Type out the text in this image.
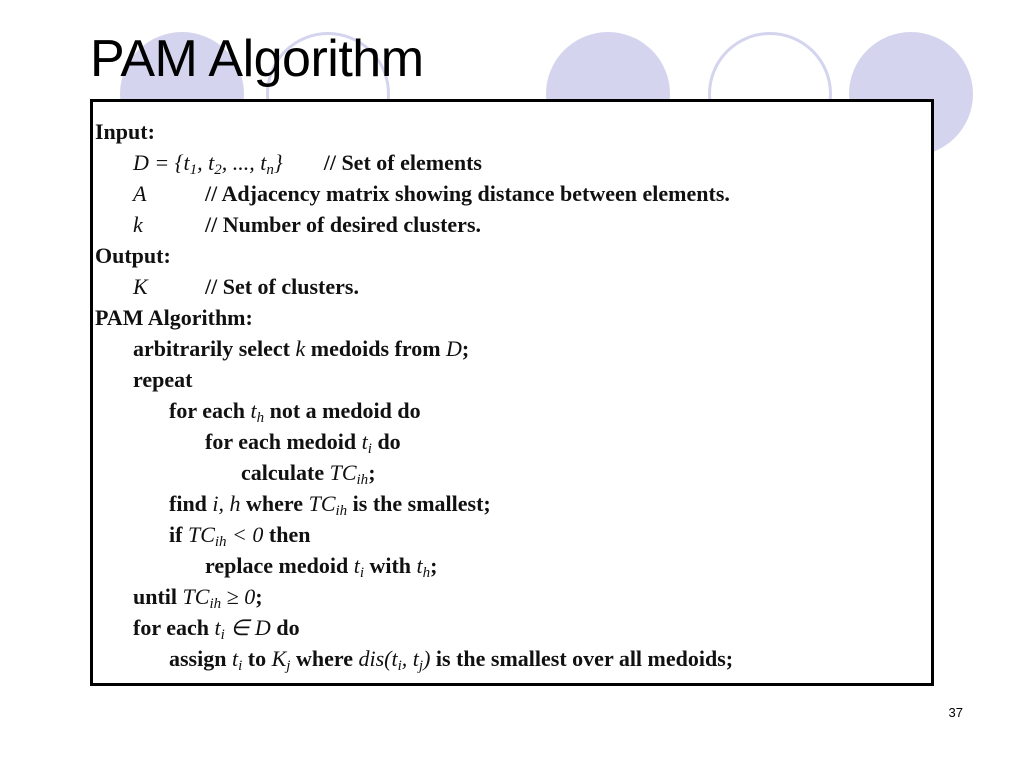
PAM Algorithm
Input:
$D = \{t_1$, $t_2$, ..., $t_n$} // Set of elements
A	// Adjacency matrix showing distance between elements.
k	// Number of desired clusters.
Output:
K	// Set of clusters.
PAM Algorithm:
arbitrarily select k medoids from D;
repeat
for each $t_h$ not a medoid do
for each medoid $t_i$ do
calculate $TC_{ih}$;
find i, h where $TC_{ih}$ is the smallest;
if $TC_{ih} < 0$ then
replace medoid $t_i$ with $t_h$;
until $TC_{ih} \ge 0$;
for each $t_i$ ∈ D do
assign $t_i$ to $K_j$ where $dis(t_i$, $t_j$) is the smallest over all medoids;
37
